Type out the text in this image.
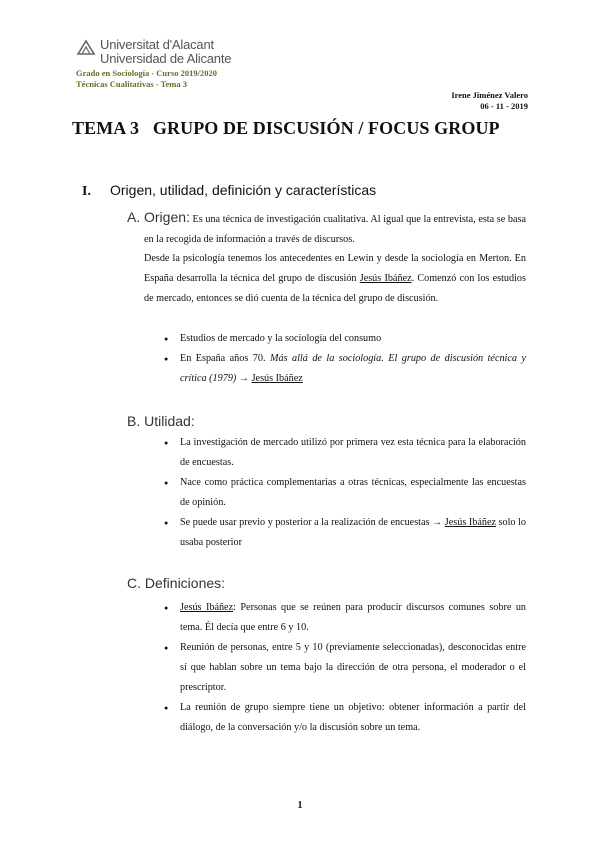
Universitat d'Alacant
Universidad de Alicante
Grado en Sociología - Curso 2019/2020
Técnicas Cualitativas - Tema 3
Irene Jiménez Valero
06 - 11 - 2019
TEMA 3   GRUPO DE DISCUSIÓN / FOCUS GROUP
I. Origen, utilidad, definición y características
A. Origen: Es una técnica de investigación cualitativa. Al igual que la entrevista, esta se basa en la recogida de información a través de discursos.
Desde la psicología tenemos los antecedentes en Lewin y desde la sociología en Merton. En España desarrolla la técnica del grupo de discusión Jesús Ibáñez. Comenzó con los estudios de mercado, entonces se dió cuenta de la técnica del grupo de discusión.
● Estudios de mercado y la sociología del consumo
● En España años 70. Más allá de la sociología. El grupo de discusión técnica y crítica (1979) → Jesús Ibáñez
B. Utilidad:
● La investigación de mercado utilizó por primera vez esta técnica para la elaboración de encuestas.
● Nace como práctica complementarias a otras técnicas, especialmente las encuestas de opinión.
● Se puede usar previo y posterior a la realización de encuestas → Jesús Ibáñez solo lo usaba posterior
C. Definiciones:
● Jesús Ibáñez: Personas que se reúnen para producir discursos comunes sobre un tema. Él decía que entre 6 y 10.
● Reunión de personas, entre 5 y 10 (previamente seleccionadas), desconocidas entre sí que hablan sobre un tema bajo la dirección de otra persona, el moderador o el prescriptor.
● La reunión de grupo siempre tiene un objetivo: obtener información a partir del diálogo, de la conversación y/o la discusión sobre un tema.
1
